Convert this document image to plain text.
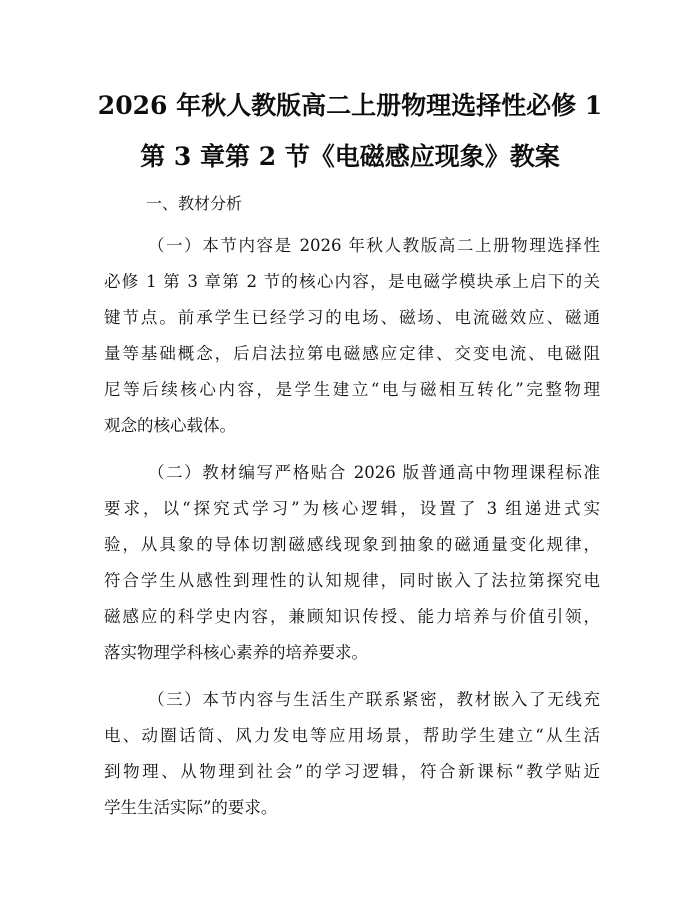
2026 年秋人教版高二上册物理选择性必修 1
第 3 章第 2 节《电磁感应现象》教案
一、教材分析
（一）本节内容是 2026 年秋人教版高二上册物理选择性
必修 1 第 3 章第 2 节的核心内容，是电磁学模块承上启下的关
键节点。前承学生已经学习的电场、磁场、电流磁效应、磁通
量等基础概念，后启法拉第电磁感应定律、交变电流、电磁阻
尼等后续核心内容，是学生建立“电与磁相互转化”完整物理
观念的核心载体。
（二）教材编写严格贴合 2026 版普通高中物理课程标准
要求，以“探究式学习”为核心逻辑，设置了 3 组递进式实
验，从具象的导体切割磁感线现象到抽象的磁通量变化规律，
符合学生从感性到理性的认知规律，同时嵌入了法拉第探究电
磁感应的科学史内容，兼顾知识传授、能力培养与价值引领，
落实物理学科核心素养的培养要求。
（三）本节内容与生活生产联系紧密，教材嵌入了无线充
电、动圈话筒、风力发电等应用场景，帮助学生建立“从生活
到物理、从物理到社会”的学习逻辑，符合新课标“教学贴近
学生生活实际”的要求。
